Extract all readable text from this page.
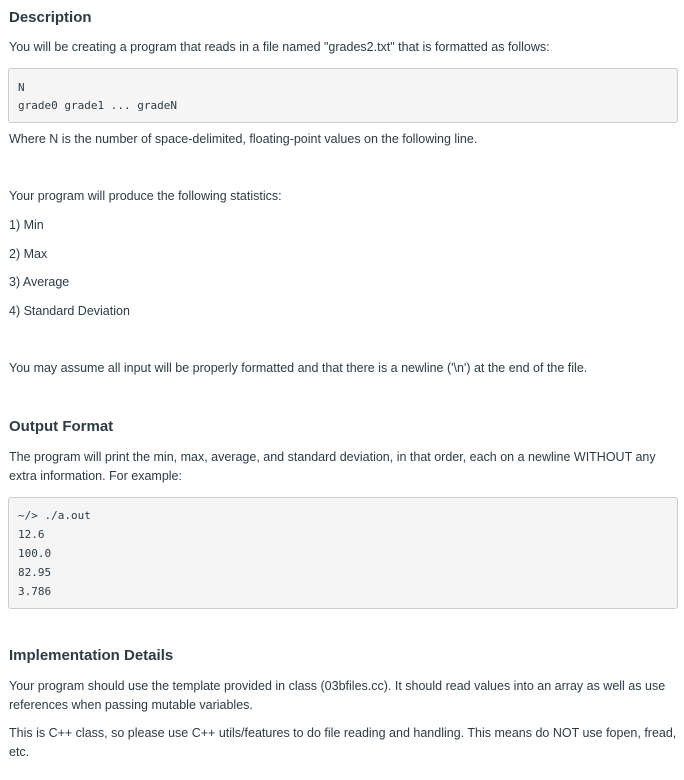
Description
You will be creating a program that reads in a file named "grades2.txt" that is formatted as follows:
N
grade0 grade1 ... gradeN
Where N is the number of space-delimited, floating-point values on the following line.
Your program will produce the following statistics:
1) Min
2) Max
3) Average
4) Standard Deviation
You may assume all input will be properly formatted and that there is a newline ('\n') at the end of the file.
Output Format
The program will print the min, max, average, and standard deviation, in that order, each on a newline WITHOUT any
extra information. For example:
~/> ./a.out
12.6
100.0
82.95
3.786
Implementation Details
Your program should use the template provided in class (03bfiles.cc). It should read values into an array as well as use
references when passing mutable variables.
This is C++ class, so please use C++ utils/features to do file reading and handling. This means do NOT use fopen, fread,
etc.
